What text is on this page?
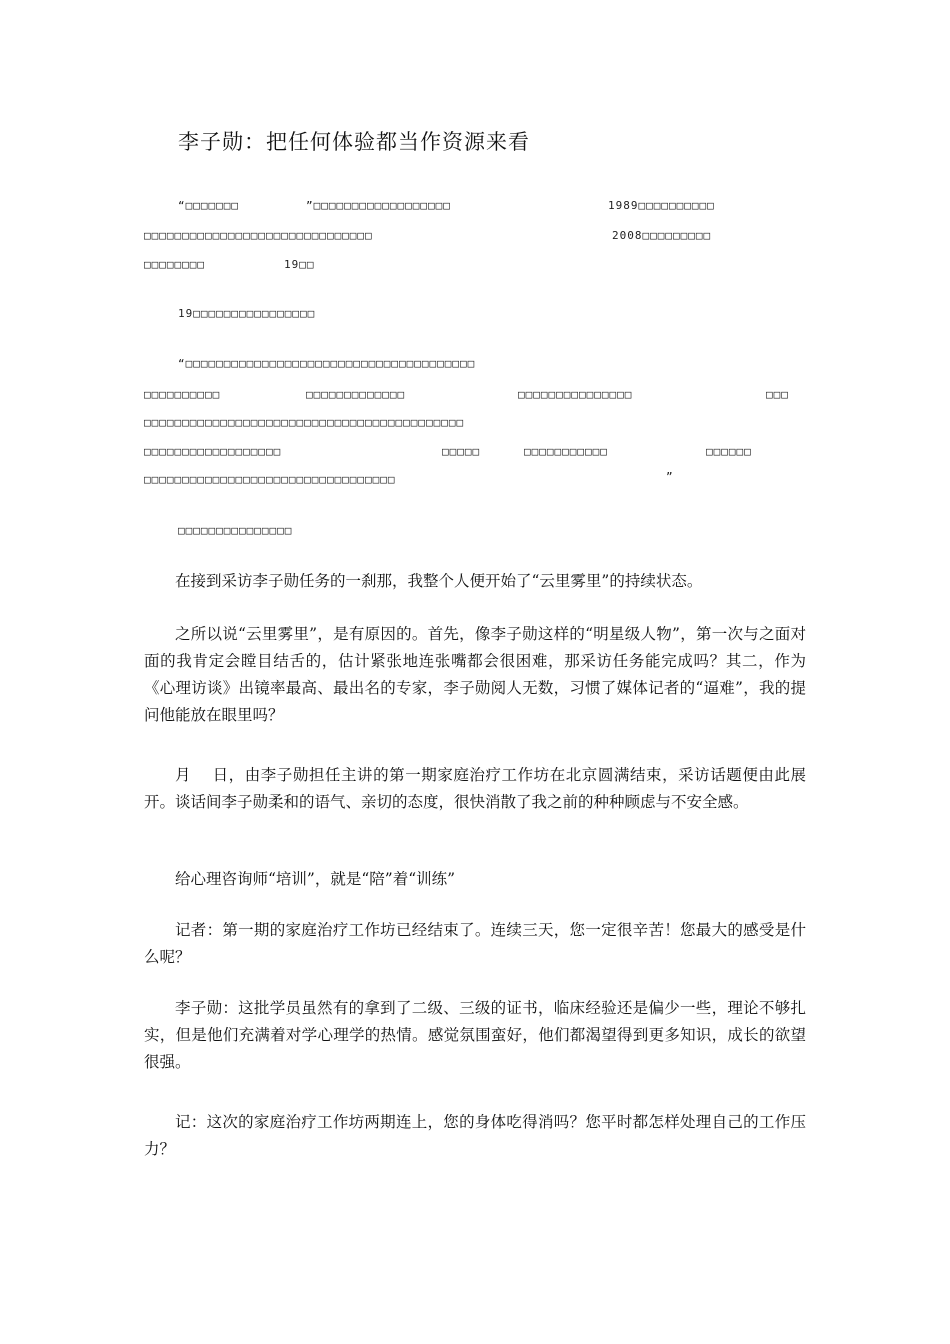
李子勋：把任何体验都当作资源来看
“□□□□□□□	”□□□□□□□□□□□□□□□□□□	1989□□□□□□□□□□
□□□□□□□□□□□□□□□□□□□□□□□□□□□□□□	2008□□□□□□□□□
□□□□□□□□	19□□
19□□□□□□□□□□□□□□□□
“□□□□□□□□□□□□□□□□□□□□□□□□□□□□□□□□□□□□□□
□□□□□□□□□□	□□□□□□□□□□□□□	□□□□□□□□□□□□□□□	□□□
□□□□□□□□□□□□□□□□□□□□□□□□□□□□□□□□□□□□□□□□□□
□□□□□□□□□□□□□□□□□□	□□□□□	□□□□□□□□□□□	□□□□□□
□□□□□□□□□□□□□□□□□□□□□□□□□□□□□□□□□	”
□□□□□□□□□□□□□□□
在接到采访李子勋任务的一刹那，我整个人便开始了“云里雾里”的持续状态。
之所以说“云里雾里”，是有原因的。首先，像李子勋这样的“明星级人物”，第一次与之面对面的我肯定会瞠目结舌的，估计紧张地连张嘴都会很困难，那采访任务能完成吗？其二，作为《心理访谈》出镜率最高、最出名的专家，李子勋阅人无数，习惯了媒体记者的“逼难”，我的提问他能放在眼里吗？
月　 日，由李子勋担任主讲的第一期家庭治疗工作坊在北京圆满结束，采访话题便由此展开。谈话间李子勋柔和的语气、亲切的态度，很快消散了我之前的种种顾虑与不安全感。
给心理咨询师“培训”，就是“陪”着“训练”
记者：第一期的家庭治疗工作坊已经结束了。连续三天，您一定很辛苦！您最大的感受是什么呢？
李子勋：这批学员虽然有的拿到了二级、三级的证书，临床经验还是偏少一些，理论不够扎实，但是他们充满着对学心理学的热情。感觉氛围蛮好，他们都渴望得到更多知识，成长的欲望很强。
记：这次的家庭治疗工作坊两期连上，您的身体吃得消吗？您平时都怎样处理自己的工作压力？
